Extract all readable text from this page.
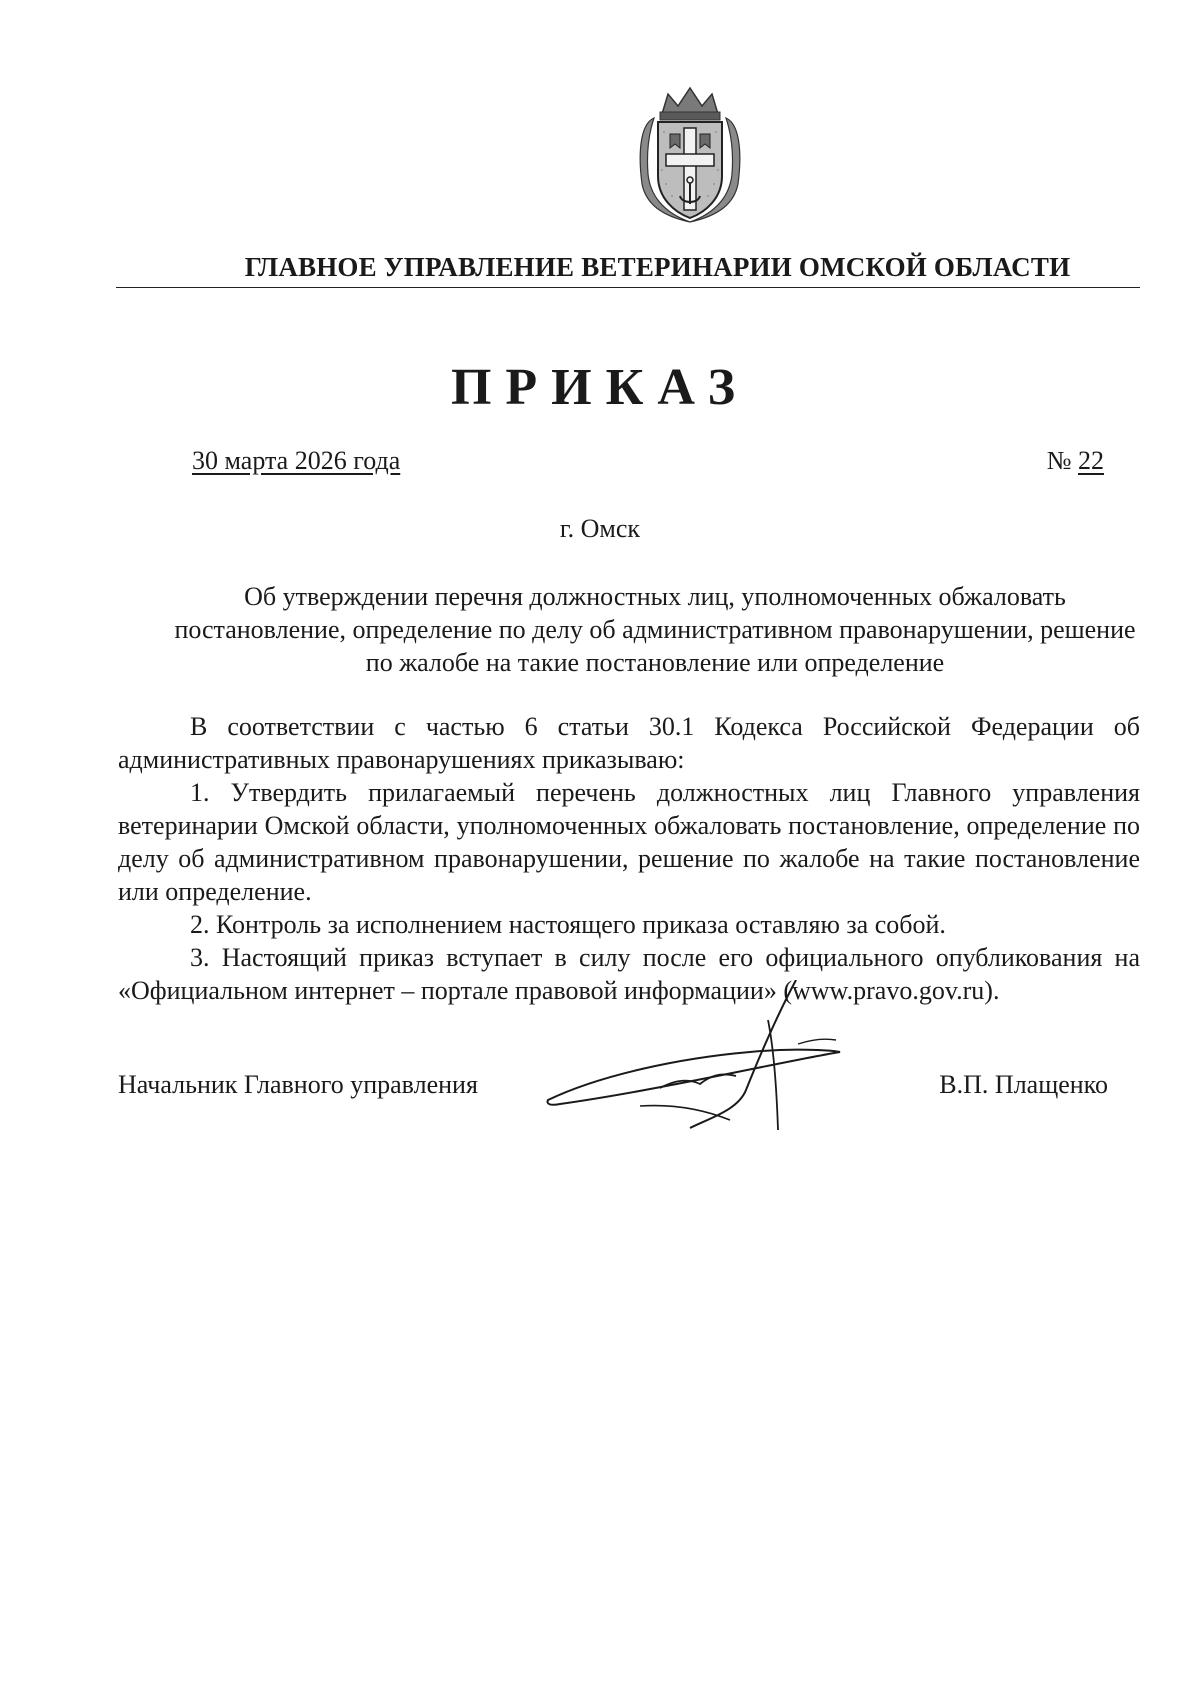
ГЛАВНОЕ УПРАВЛЕНИЕ ВЕТЕРИНАРИИ ОМСКОЙ ОБЛАСТИ
ПРИКАЗ
30 марта 2026 года	№ 22
г. Омск
Об утверждении перечня должностных лиц, уполномоченных обжаловать постановление, определение по делу об административном правонарушении, решение по жалобе на такие постановление или определение

В соответствии с частью 6 статьи 30.1 Кодекса Российской Федерации об административных правонарушениях приказываю:

1. Утвердить прилагаемый перечень должностных лиц Главного управления ветеринарии Омской области, уполномоченных обжаловать постановление, определение по делу об административном правонарушении, решение по жалобе на такие постановление или определение.

2. Контроль за исполнением настоящего приказа оставляю за собой.

3. Настоящий приказ вступает в силу после его официального опубликования на «Официальном интернет – портале правовой информации» (www.pravo.gov.ru).

Начальник Главного управления	В.П. Плащенко
